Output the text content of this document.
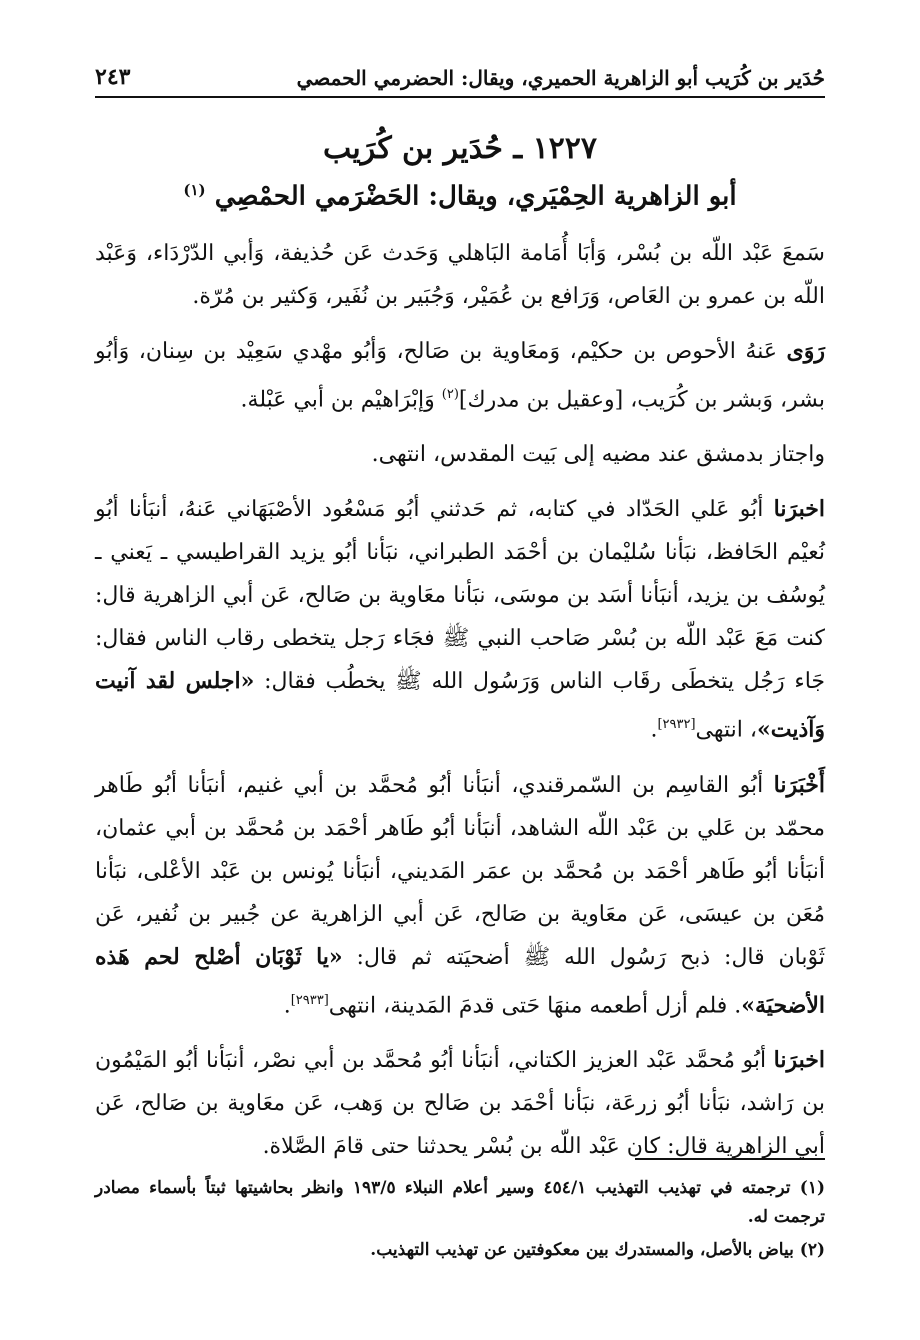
حُدَير بن كُرَيب أبو الزاهرية الحميري، ويقال: الحضرمي الحمصي
٢٤٣
١٢٢٧ ـ حُدَير بن كُرَيب
أبو الزاهرية الحِمْيَري، ويقال: الحَضْرَمي الحمْصِي $^{(١)}$

سَمعَ عَبْد اللّه بن بُسْر، وَأبَا أُمَامة البَاهلي وَحَدث عَن حُذيفة، وَأبي الدّرْدَاء، وَعَبْد اللّه بن عمرو بن العَاص، وَرَافع بن عُمَيْر، وَجُبَير بن نُفَير، وَكثير بن مُرّة.

رَوَى عَنهُ الأحوص بن حكيْم، وَمعَاوية بن صَالح، وَأبُو مهْدي سَعِيْد بن سِنان، وَأبُو بشر، وَبشر بن كُرَيب، [وعقيل بن مدرك]$^{(٢)}$ وَإبْرَاهيْم بن أبي عَبْلة.

واجتاز بدمشق عند مضيه إلى بَيت المقدس، انتهى.

اخبرَنا أبُو عَلي الحَدّاد في كتابه، ثم حَدثني أبُو مَسْعُود الأصْبَهَاني عَنهُ، أنبَأنا أبُو نُعيْم الحَافظ، نبَأنا سُليْمان بن أحْمَد الطبراني، نبَأنا أبُو يزيد القراطيسي ـ يَعني ـ يُوسُف بن يزيد، أنبَأنا أسَد بن موسَى، نبَأنا معَاوية بن صَالح، عَن أبي الزاهرية قال: كنت مَعَ عَبْد اللّه بن بُسْر صَاحب النبي ﷺ فجَاء رَجل يتخطى رقاب الناس فقال: جَاء رَجُل يتخطَى رقَاب الناس وَرَسُول الله ﷺ يخطُب فقال: «اجلس لقد آنيت وَآذيت»، انتهى[٢٩٣٢].

أَخْبَرَنا أبُو القاسِم بن السّمرقندي، أنبَأنا أبُو مُحمَّد بن أبي غنيم، أنبَأنا أبُو طَاهر محمّد بن عَلي بن عَبْد اللّه الشاهد، أنبَأنا أبُو طَاهر أحْمَد بن مُحمَّد بن أبي عثمان، أنبَأنا أبُو طَاهر أحْمَد بن مُحمَّد بن عمَر المَديني، أنبَأنا يُونس بن عَبْد الأعْلى، نبَأنا مُعَن بن عيسَى، عَن معَاوية بن صَالح، عَن أبي الزاهرية عن جُبير بن نُفير، عَن ثَوْبان قال: ذبح رَسُول الله ﷺ أضحيَته ثم قال: «يا ثَوْبَان أصْلح لحم هَذه الأضحيَة». فلم أزل أطعمه منهَا حَتى قدمَ المَدينة، انتهى[٢٩٣٣].

اخبرَنا أبُو مُحمَّد عَبْد العزيز الكتاني، أنبَأنا أبُو مُحمَّد بن أبي نصْر، أنبَأنا أبُو المَيْمُون بن رَاشد، نبَأنا أبُو زرعَة، نبَأنا أحْمَد بن صَالح بن وَهب، عَن معَاوية بن صَالح، عَن أبي الزاهرية قال: كان عَبْد اللّه بن بُسْر يحدثنا حتى قامَ الصَّلاة.

(١) ترجمته في تهذيب التهذيب ٤٥٤/١ وسير أعلام النبلاء ١٩٣/٥ وانظر بحاشيتها ثبتاً بأسماء مصادر ترجمت له.

(٢) بياض بالأصل، والمستدرك بين معكوفتين عن تهذيب التهذيب.
